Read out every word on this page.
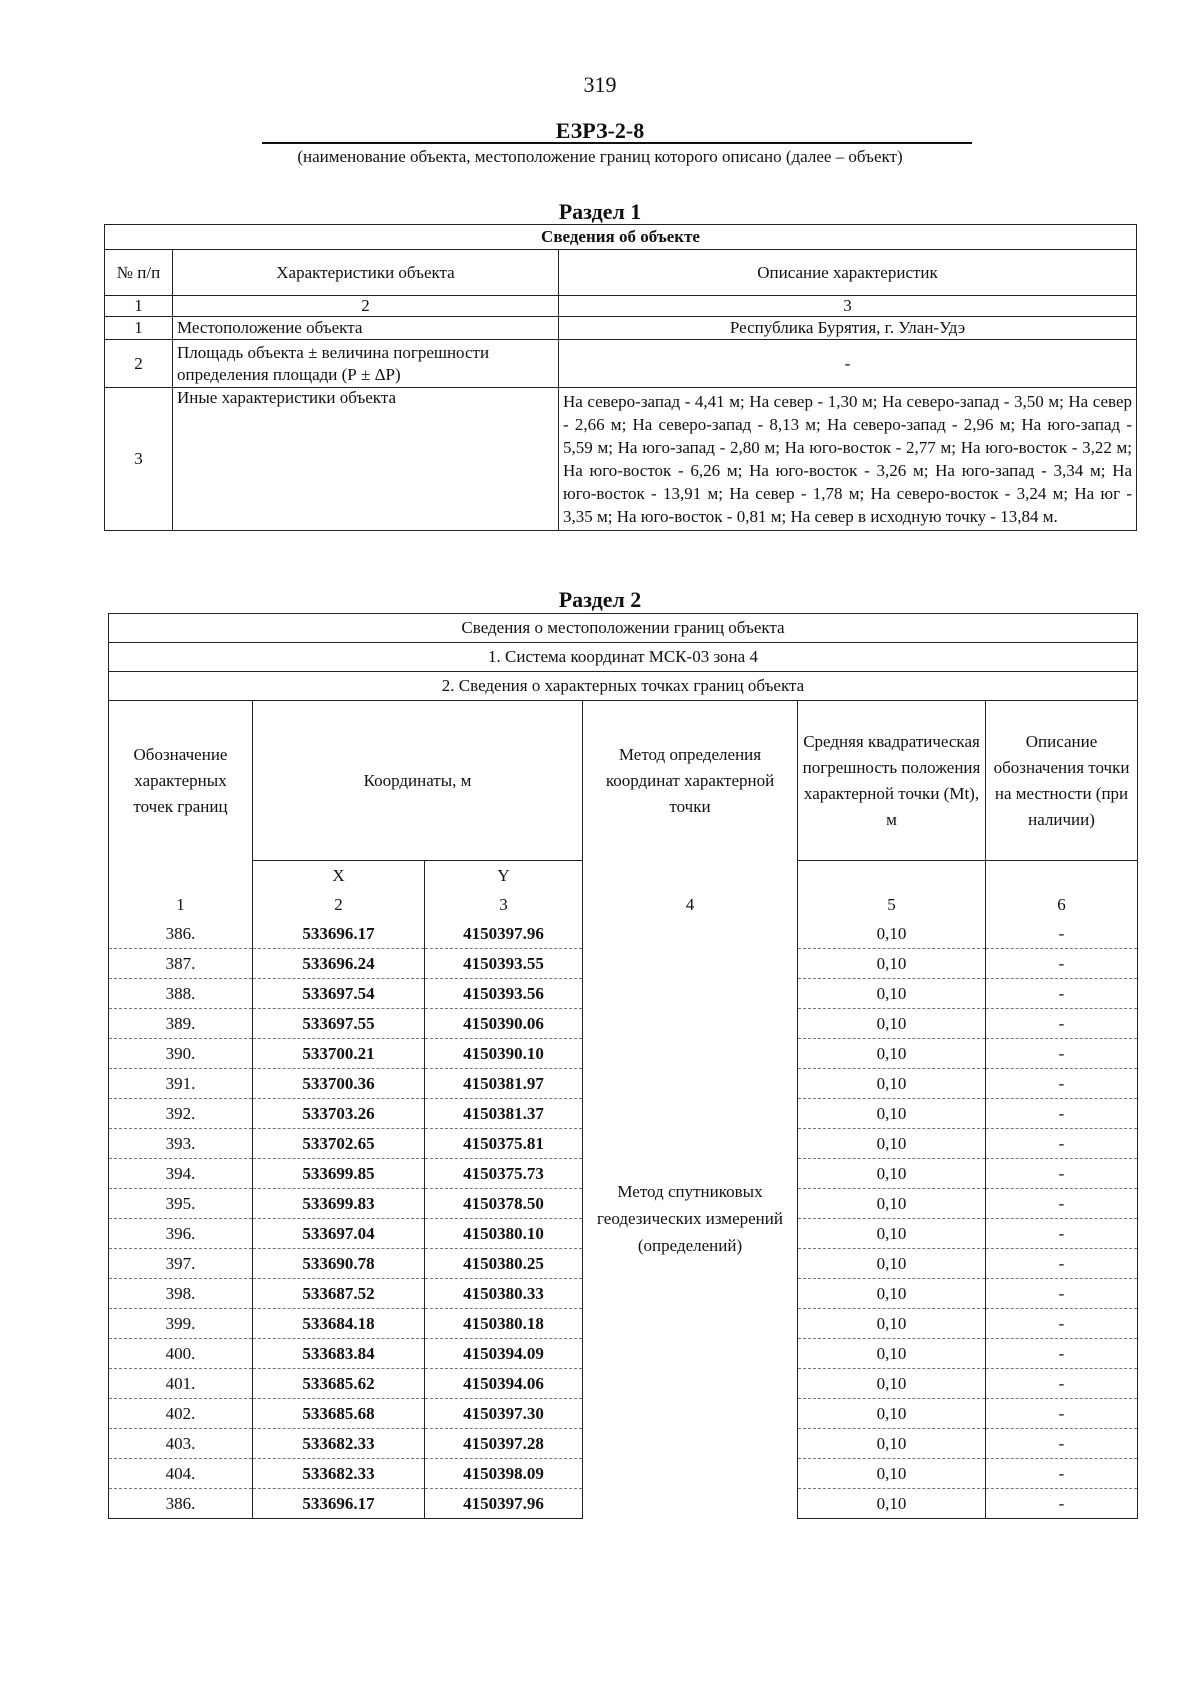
319
ЕЗРЗ-2-8
(наименование объекта, местоположение границ которого описано (далее – объект)
Раздел 1
Сведения об объекте		
№ п/п	Характеристики объекта	Описание характеристик
1	2	3
1	Местоположение объекта	Республика Бурятия, г. Улан-Удэ
2	Площадь объекта ± величина погрешности определения площади (Р ± ΔР)	-
3	Иные характеристики объекта	На северо-запад - 4,41 м; На север - 1,30 м; На северо-запад - 3,50 м; На север - 2,66 м; На северо-запад - 8,13 м; На северо-запад - 2,96 м; На юго-запад - 5,59 м; На юго-запад - 2,80 м; На юго-восток - 2,77 м; На юго-восток - 3,22 м; На юго-восток - 6,26 м; На юго-восток - 3,26 м; На юго-запад - 3,34 м; На юго-восток - 13,91 м; На север - 1,78 м; На северо-восток - 3,24 м; На юг - 3,35 м; На юго-восток - 0,81 м; На север в исходную точку - 13,84 м.
Раздел 2
Сведения о местоположении границ объекта					
1. Система координат МСК-03 зона 4					
2. Сведения о характерных точках границ объекта					
Обозначение характерных точек границ	Координаты, м		Метод определения координат характерной точки	Средняя квадратическая погрешность положения характерной точки (Mt), м	Описание обозначения точки на местности (при наличии)
	X	Y			
1	2	3	4	5	6
386.	533696.17	4150397.96	Метод спутниковых геодезических измерений (определений)	0,10	-
387.	533696.24	4150393.55		0,10	-
388.	533697.54	4150393.56		0,10	-
389.	533697.55	4150390.06		0,10	-
390.	533700.21	4150390.10		0,10	-
391.	533700.36	4150381.97		0,10	-
392.	533703.26	4150381.37		0,10	-
393.	533702.65	4150375.81		0,10	-
394.	533699.85	4150375.73		0,10	-
395.	533699.83	4150378.50		0,10	-
396.	533697.04	4150380.10		0,10	-
397.	533690.78	4150380.25		0,10	-
398.	533687.52	4150380.33		0,10	-
399.	533684.18	4150380.18		0,10	-
400.	533683.84	4150394.09		0,10	-
401.	533685.62	4150394.06		0,10	-
402.	533685.68	4150397.30		0,10	-
403.	533682.33	4150397.28		0,10	-
404.	533682.33	4150398.09		0,10	-
386.	533696.17	4150397.96		0,10	-
